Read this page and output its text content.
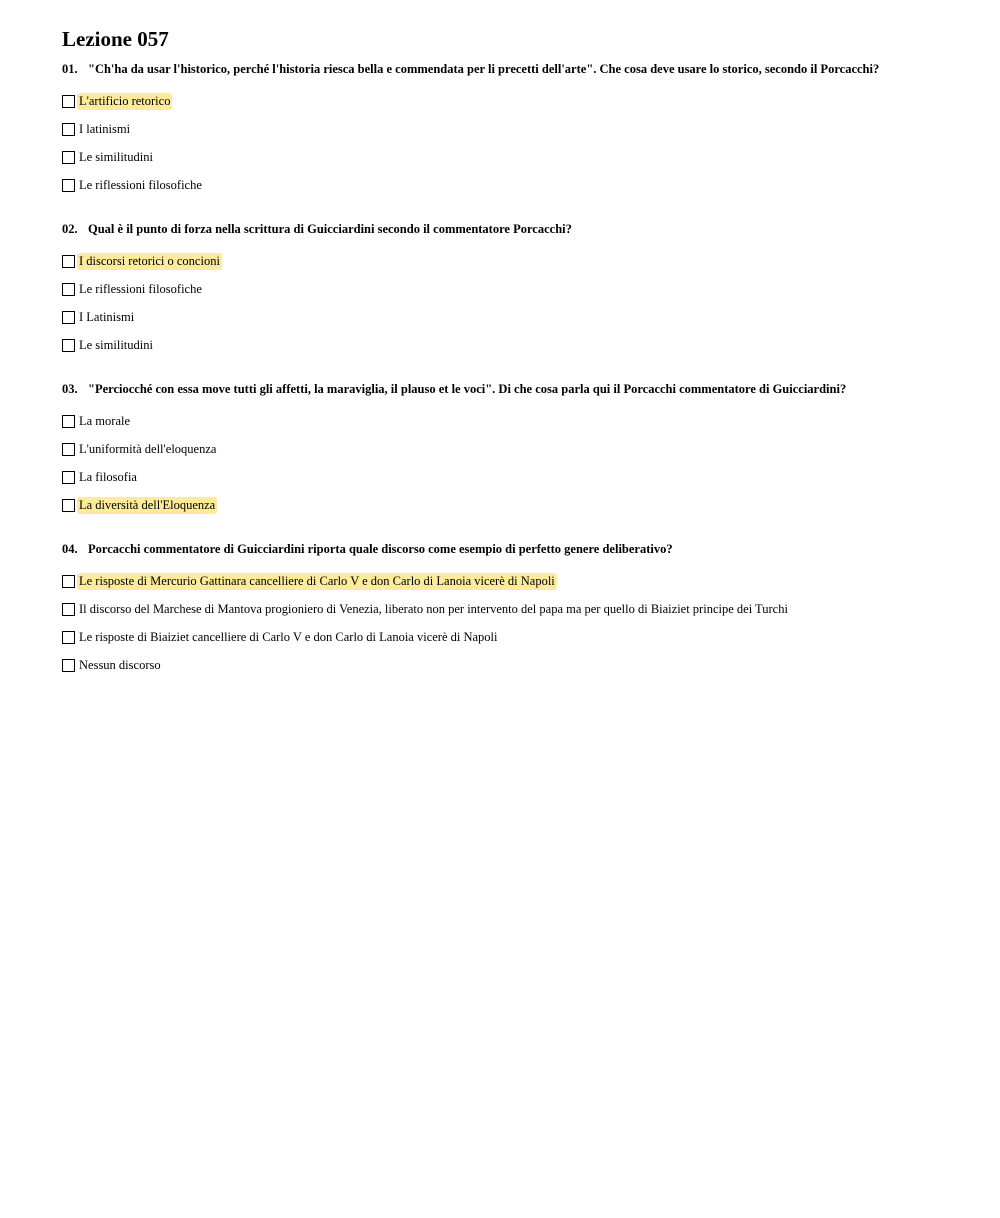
Lezione 057
01. "Ch'ha da usar l'historico, perché l'historia riesca bella e commendata per li precetti dell'arte". Che cosa deve usare lo storico, secondo il Porcacchi?
L'artificio retorico
I latinismi
Le similitudini
Le riflessioni filosofiche
02. Qual è il punto di forza nella scrittura di Guicciardini secondo il commentatore Porcacchi?
I discorsi retorici o concioni
Le riflessioni filosofiche
I Latinismi
Le similitudini
03. "Perciocché con essa move tutti gli affetti, la maraviglia, il plauso et le voci". Di che cosa parla qui il Porcacchi commentatore di Guicciardini?
La morale
L'uniformità dell'eloquenza
La filosofia
La diversità dell'Eloquenza
04. Porcacchi commentatore di Guicciardini riporta quale discorso come esempio di perfetto genere deliberativo?
Le risposte di Mercurio Gattinara cancelliere di Carlo V e don Carlo di Lanoia vicerè di Napoli
Il discorso del Marchese di Mantova progioniero di Venezia, liberato non per intervento del papa ma per quello di Biaiziet principe dei Turchi
Le risposte di Biaiziet cancelliere di Carlo V e don Carlo di Lanoia vicerè di Napoli
Nessun discorso
